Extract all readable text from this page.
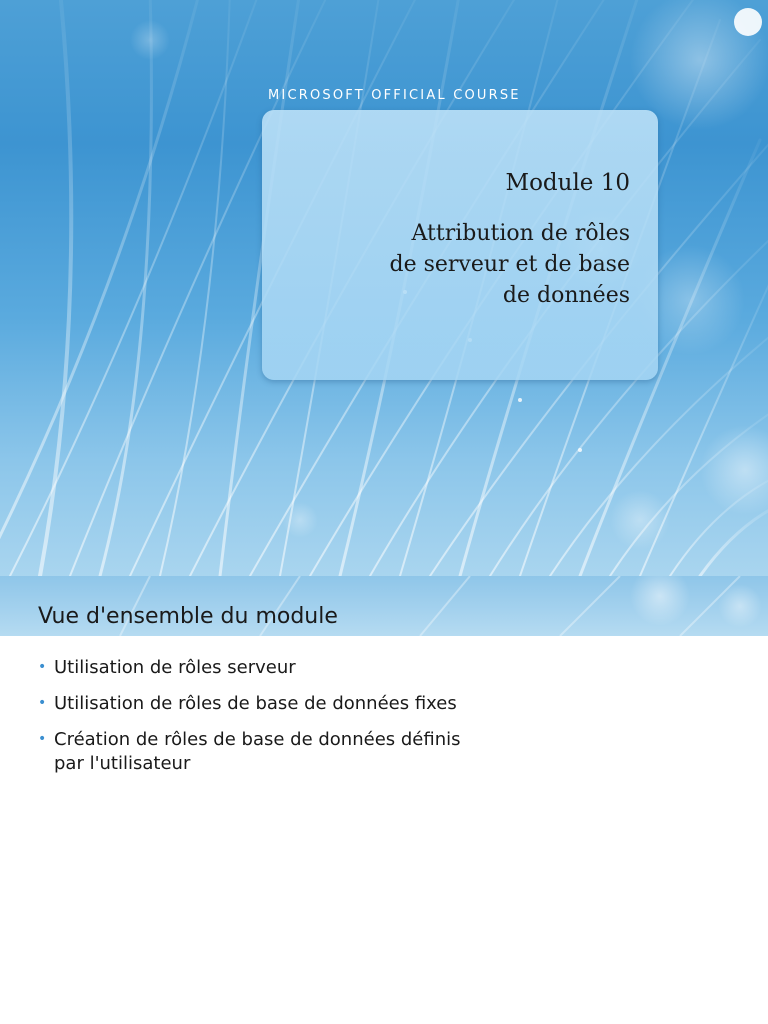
MICROSOFT OFFICIAL COURSE
Module 10
Attribution de rôles
de serveur et de base
de données
Vue d'ensemble du module
• Utilisation de rôles serveur
• Utilisation de rôles de base de données fixes
• Création de rôles de base de données définis
par l'utilisateur
